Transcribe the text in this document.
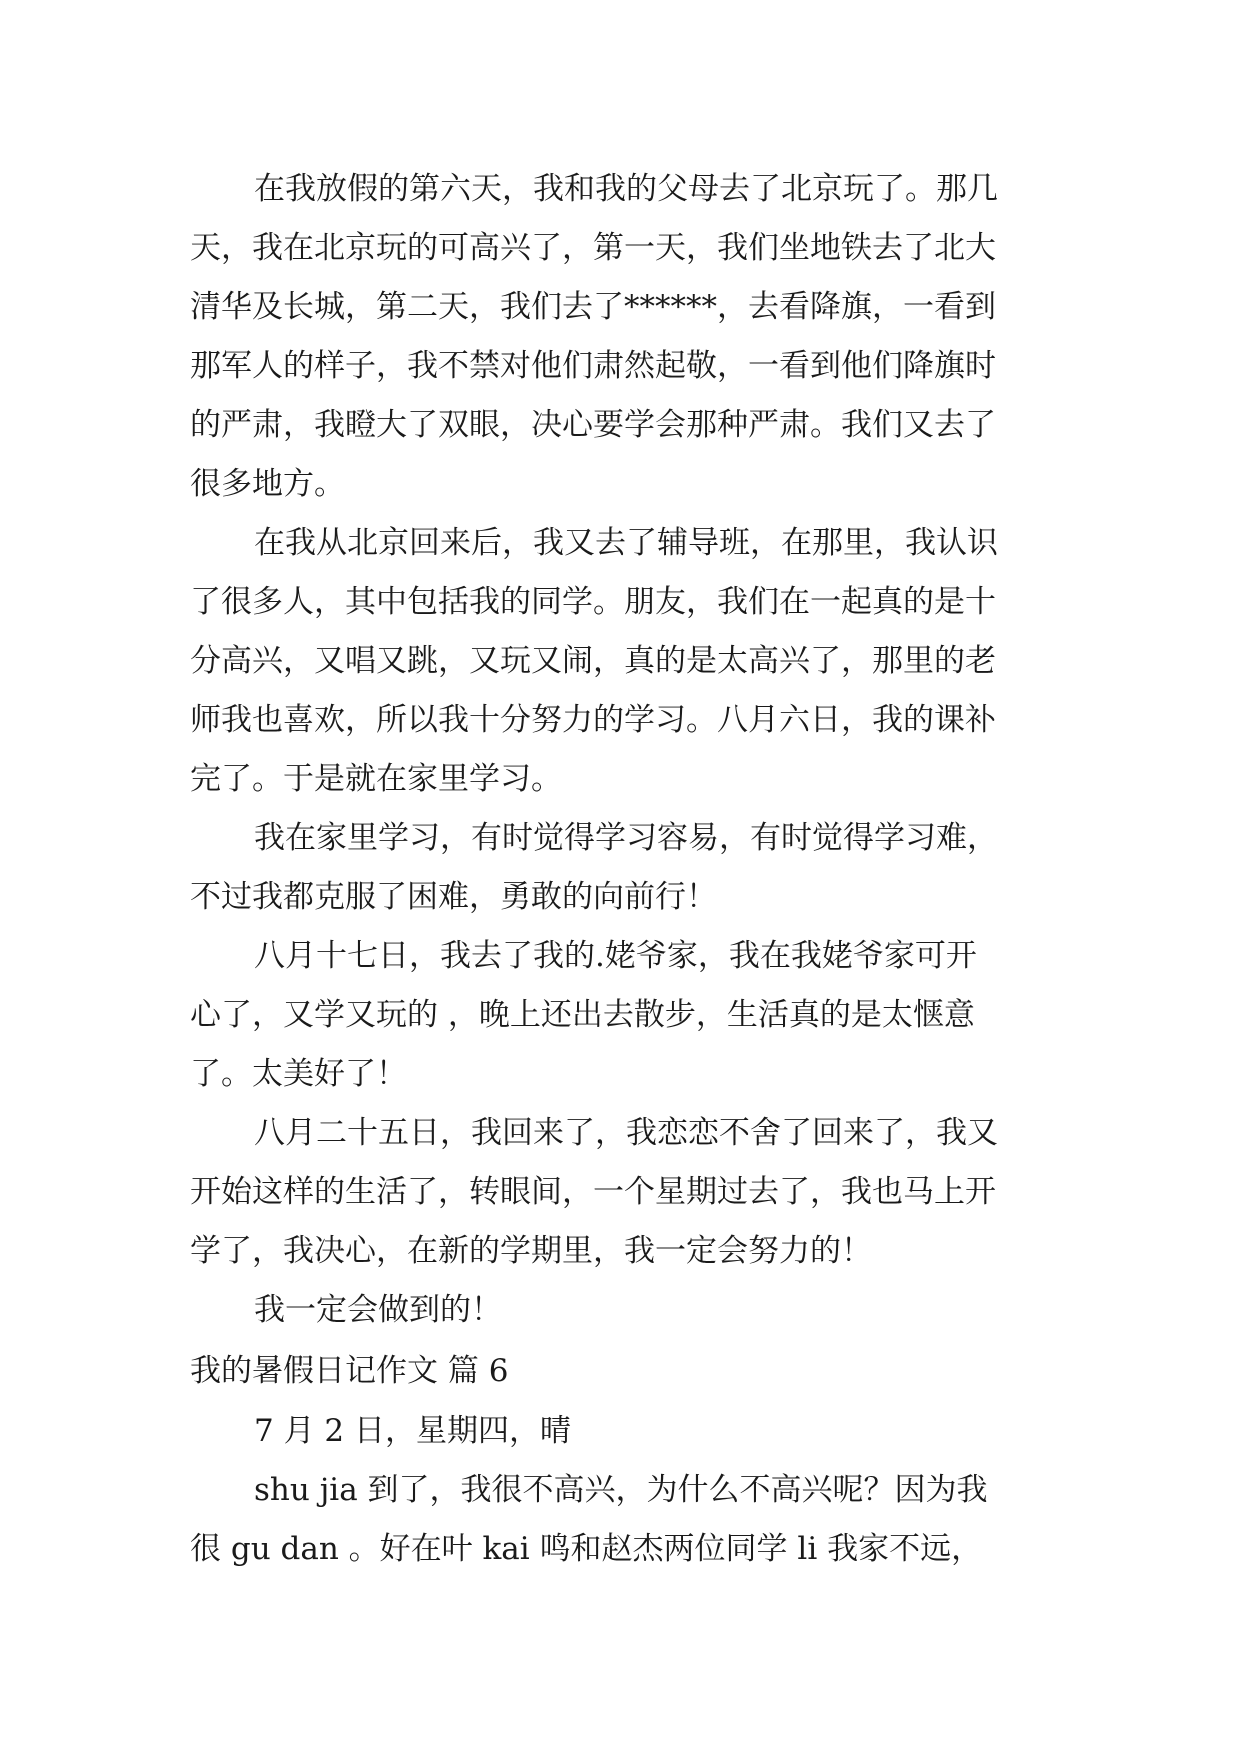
在我放假的第六天，我和我的父母去了北京玩了。那几
天，我在北京玩的可高兴了，第一天，我们坐地铁去了北大
清华及长城，第二天，我们去了******，去看降旗，一看到
那军人的样子，我不禁对他们肃然起敬，一看到他们降旗时
的严肃，我瞪大了双眼，决心要学会那种严肃。我们又去了
很多地方。
在我从北京回来后，我又去了辅导班，在那里，我认识
了很多人，其中包括我的同学。朋友，我们在一起真的是十
分高兴，又唱又跳，又玩又闹，真的是太高兴了，那里的老
师我也喜欢，所以我十分努力的学习。八月六日，我的课补
完了。于是就在家里学习。
我在家里学习，有时觉得学习容易，有时觉得学习难，
不过我都克服了困难，勇敢的向前行！
八月十七日，我去了我的.姥爷家，我在我姥爷家可开
心了，又学又玩的 ，晚上还出去散步，生活真的是太惬意
了。太美好了！
八月二十五日，我回来了，我恋恋不舍了回来了，我又
开始这样的生活了，转眼间，一个星期过去了，我也马上开
学了，我决心，在新的学期里，我一定会努力的！
我一定会做到的！
我的暑假日记作文 篇 6
7 月 2 日，星期四，晴
shu jia 到了，我很不高兴，为什么不高兴呢？因为我
很 gu dan 。好在叶 kai 鸣和赵杰两位同学 li 我家不远，
